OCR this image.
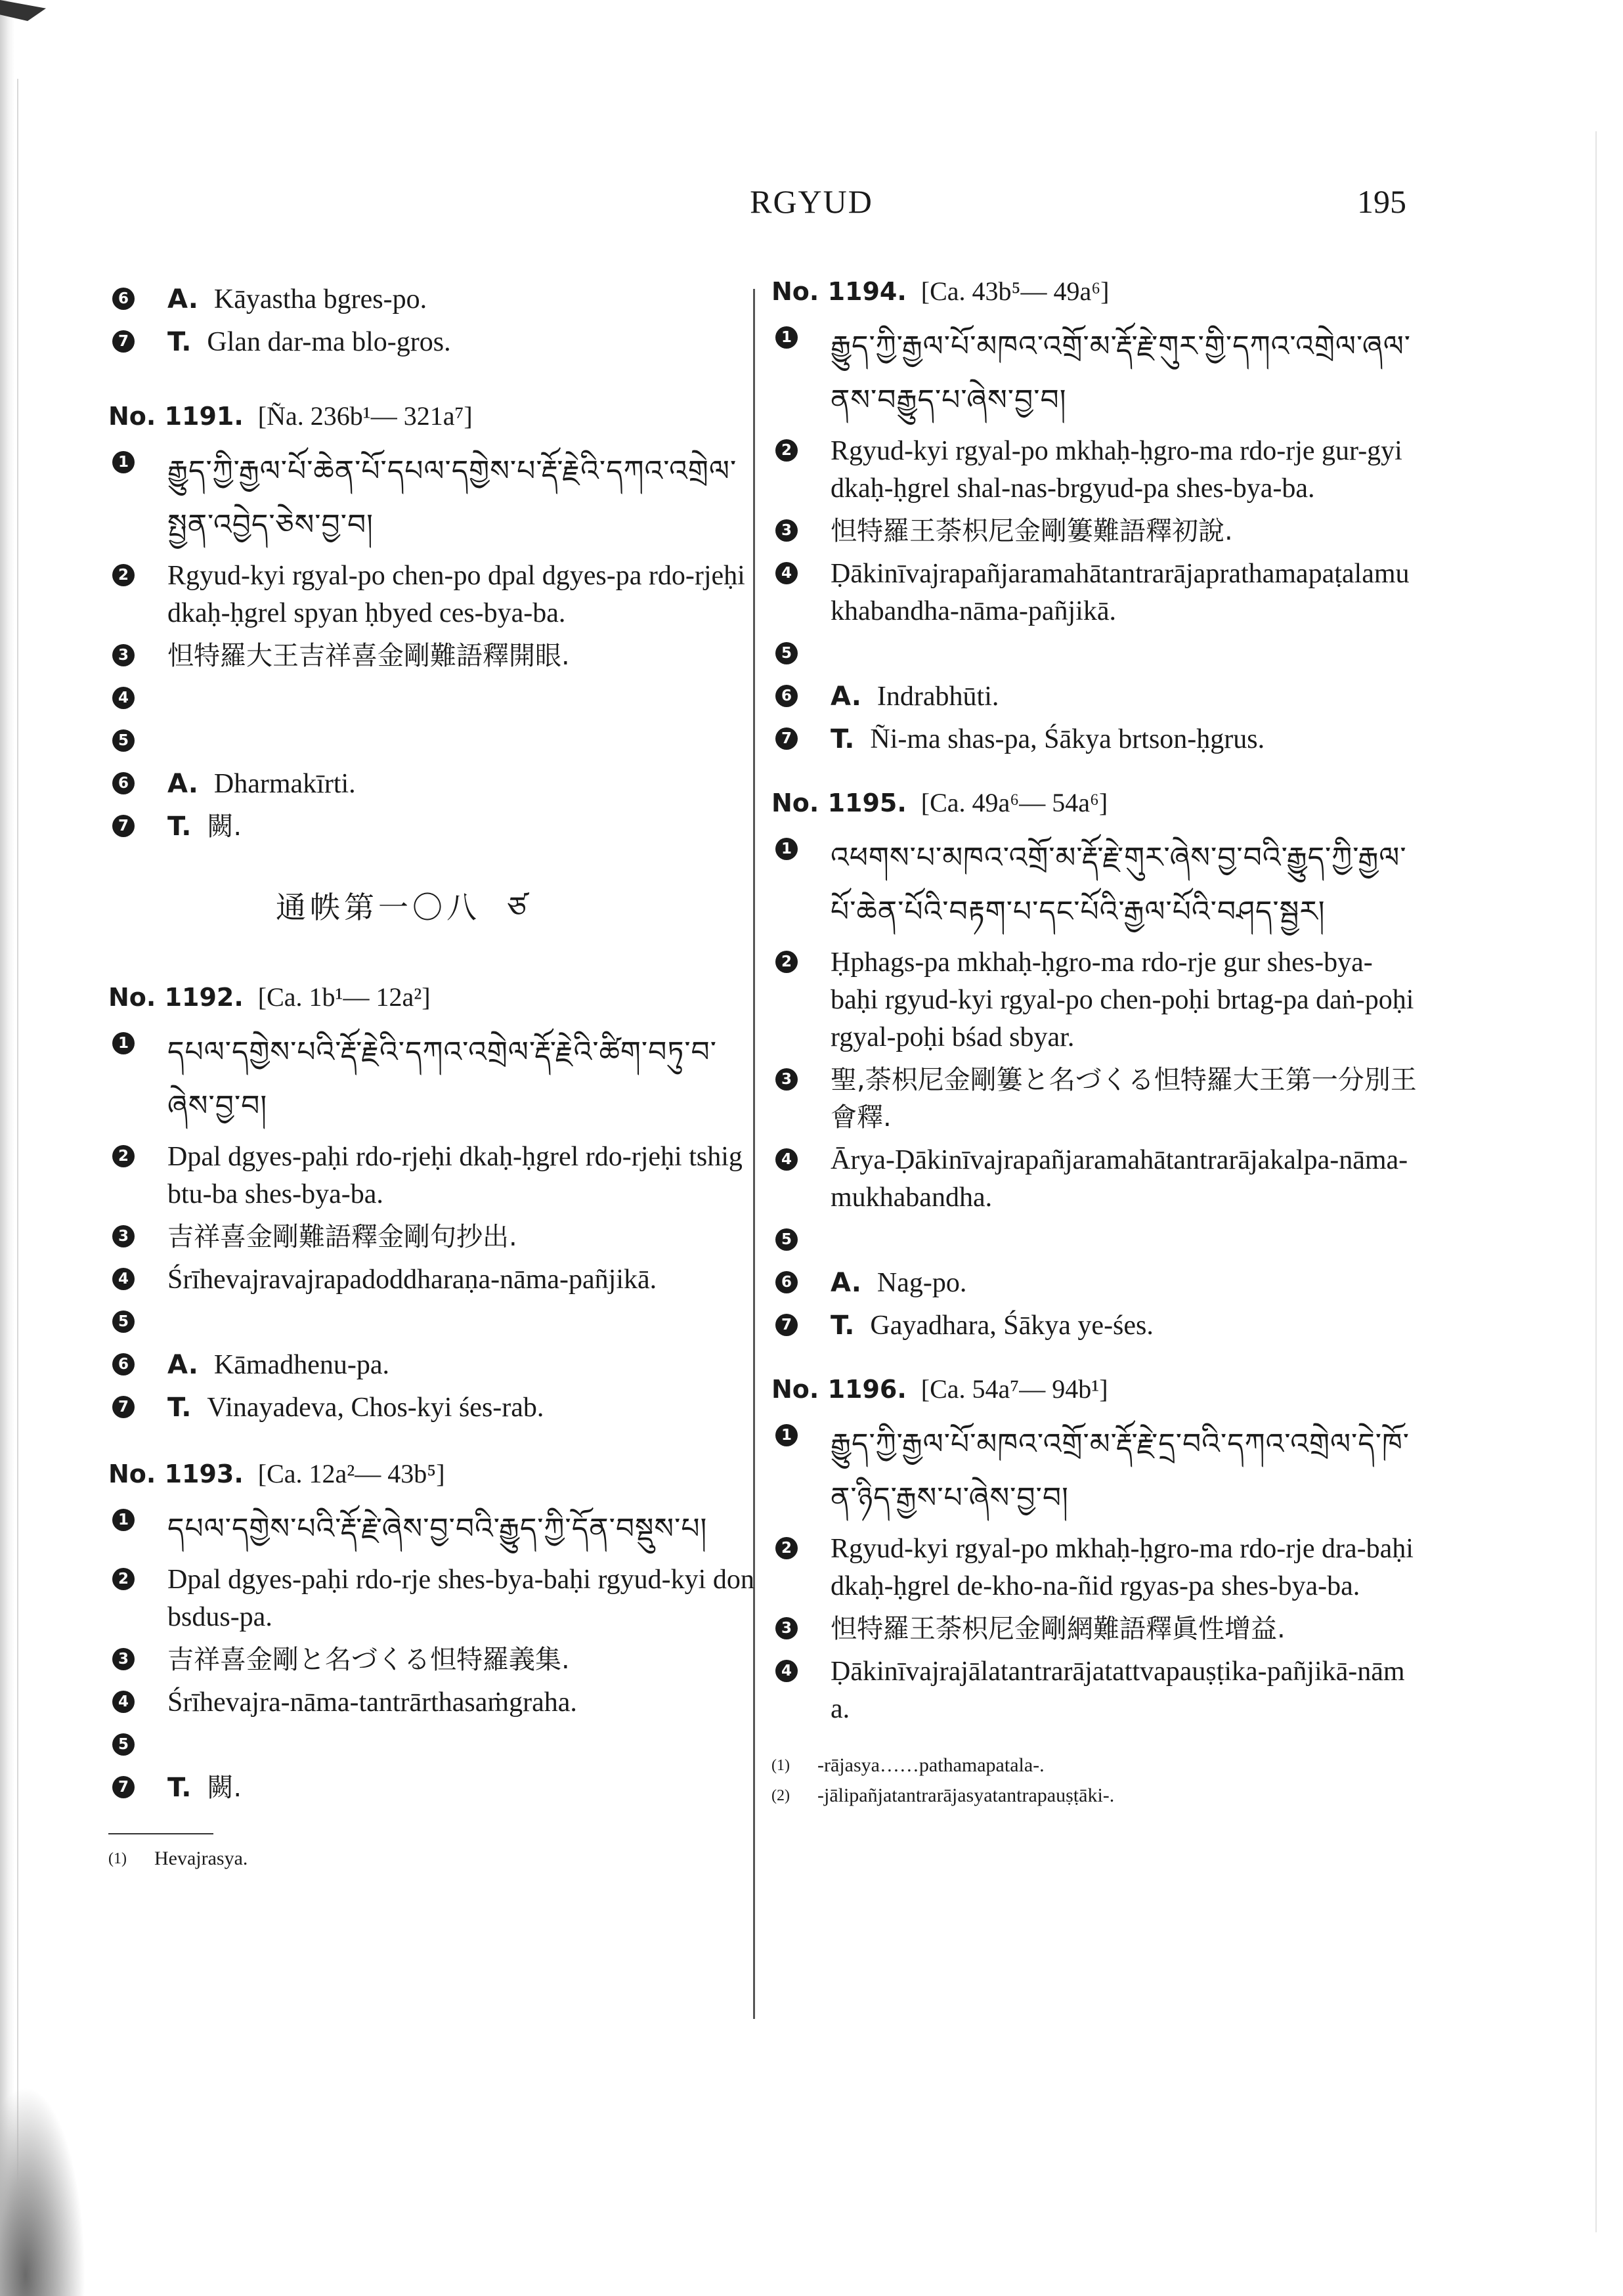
RGYUD	195
6 A. Kāyastha bgres-po.
7 T. Glan dar-ma blo-gros.
No. 1191. [Ña. 236b¹— 321a⁷]
1 རྒྱུད་ཀྱི་རྒྱལ་པོ་ཆེན་པོ་དཔལ་དགྱེས་པ་རྡོ་རྗེའི་དཀའ་འགྲེལ་སྤྱན་འབྱེད་ཅེས་བྱ་བ།
2 Rgyud-kyi rgyal-po chen-po dpal dgyes-pa rdo-rjeḥi dkaḥ-ḥgrel spyan ḥbyed ces-bya-ba.
3 怛特羅大王吉祥喜金剛難語釋開眼.
4
5
6 A. Dharmakīrti.
7 T. 闕.
通帙第一〇八 ཙ
No. 1192. [Ca. 1b¹— 12a²]
1 དཔལ་དགྱེས་པའི་རྡོ་རྗེའི་དཀའ་འགྲེལ་རྡོ་རྗེའི་ཚིག་བཏུ་བ་ཞེས་བྱ་བ།
2 Dpal dgyes-paḥi rdo-rjeḥi dkaḥ-ḥgrel rdo-rjeḥi tshig btu-ba shes-bya-ba.
3 吉祥喜金剛難語釋金剛句抄出.
4 Śrīhevajravajrapadoddharaṇa-nāma-pañjikā.
5
6 A. Kāmadhenu-pa.
7 T. Vinayadeva, Chos-kyi śes-rab.
No. 1193. [Ca. 12a²— 43b⁵]
1 དཔལ་དགྱེས་པའི་རྡོ་རྗེ་ཞེས་བྱ་བའི་རྒྱུད་ཀྱི་དོན་བསྡུས་པ།
2 Dpal dgyes-paḥi rdo-rje shes-bya-baḥi rgyud-kyi don bsdus-pa.
3 吉祥喜金剛と名づくる怛特羅義集.
4 Śrīhevajra-nāma-tantrārthasaṁgraha.
5
7 T. 闕.
(1)	Hevajrasya.
No. 1194. [Ca. 43b⁵— 49a⁶]
1 རྒྱུད་ཀྱི་རྒྱལ་པོ་མཁའ་འགྲོ་མ་རྡོ་རྗེ་གུར་གྱི་དཀའ་འགྲེལ་ཞལ་ནས་བརྒྱུད་པ་ཞེས་བྱ་བ།
2 Rgyud-kyi rgyal-po mkhaḥ-ḥgro-ma rdo-rje gur-gyi dkaḥ-ḥgrel shal-nas-brgyud-pa shes-bya-ba.
3 怛特羅王荼枳尼金剛簍難語釋初說.
4 Ḍākinīvajrapañjaramahātantrarājaprathamapaṭalamukhabandha-nāma-pañjikā.
5
6 A. Indrabhūti.
7 T. Ñi-ma shas-pa, Śākya brtson-ḥgrus.
No. 1195. [Ca. 49a⁶— 54a⁶]
1 འཕགས་པ་མཁའ་འགྲོ་མ་རྡོ་རྗེ་གུར་ཞེས་བྱ་བའི་རྒྱུད་ཀྱི་རྒྱལ་པོ་ཆེན་པོའི་བརྟག་པ་དང་པོའི་རྒྱལ་པོའི་བཤད་སྦྱར།
2 Ḥphags-pa mkhaḥ-ḥgro-ma rdo-rje gur shes-bya-baḥi rgyud-kyi rgyal-po chen-poḥi brtag-pa daṅ-poḥi rgyal-poḥi bśad sbyar.
3 聖,荼枳尼金剛簍と名づくる怛特羅大王第一分別王會釋.
4 Ārya-Ḍākinīvajrapañjaramahātantrarājakalpa-nāma-mukhabandha.
5
6 A. Nag-po.
7 T. Gayadhara, Śākya ye-śes.
No. 1196. [Ca. 54a⁷— 94b¹]
1 རྒྱུད་ཀྱི་རྒྱལ་པོ་མཁའ་འགྲོ་མ་རྡོ་རྗེ་དྲ་བའི་དཀའ་འགྲེལ་དེ་ཁོ་ན་ཉིད་རྒྱས་པ་ཞེས་བྱ་བ།
2 Rgyud-kyi rgyal-po mkhaḥ-ḥgro-ma rdo-rje dra-baḥi dkaḥ-ḥgrel de-kho-na-ñid rgyas-pa shes-bya-ba.
3 怛特羅王荼枳尼金剛網難語釋眞性增益.
4 Ḍākinīvajrajālatantrarājatattvapauṣṭika-pañjikā-nāma.
(1)	-rājasya……pathamapatala-.
(2)	-jālipañjatantrarājasyatantrapauṣṭāki-.
